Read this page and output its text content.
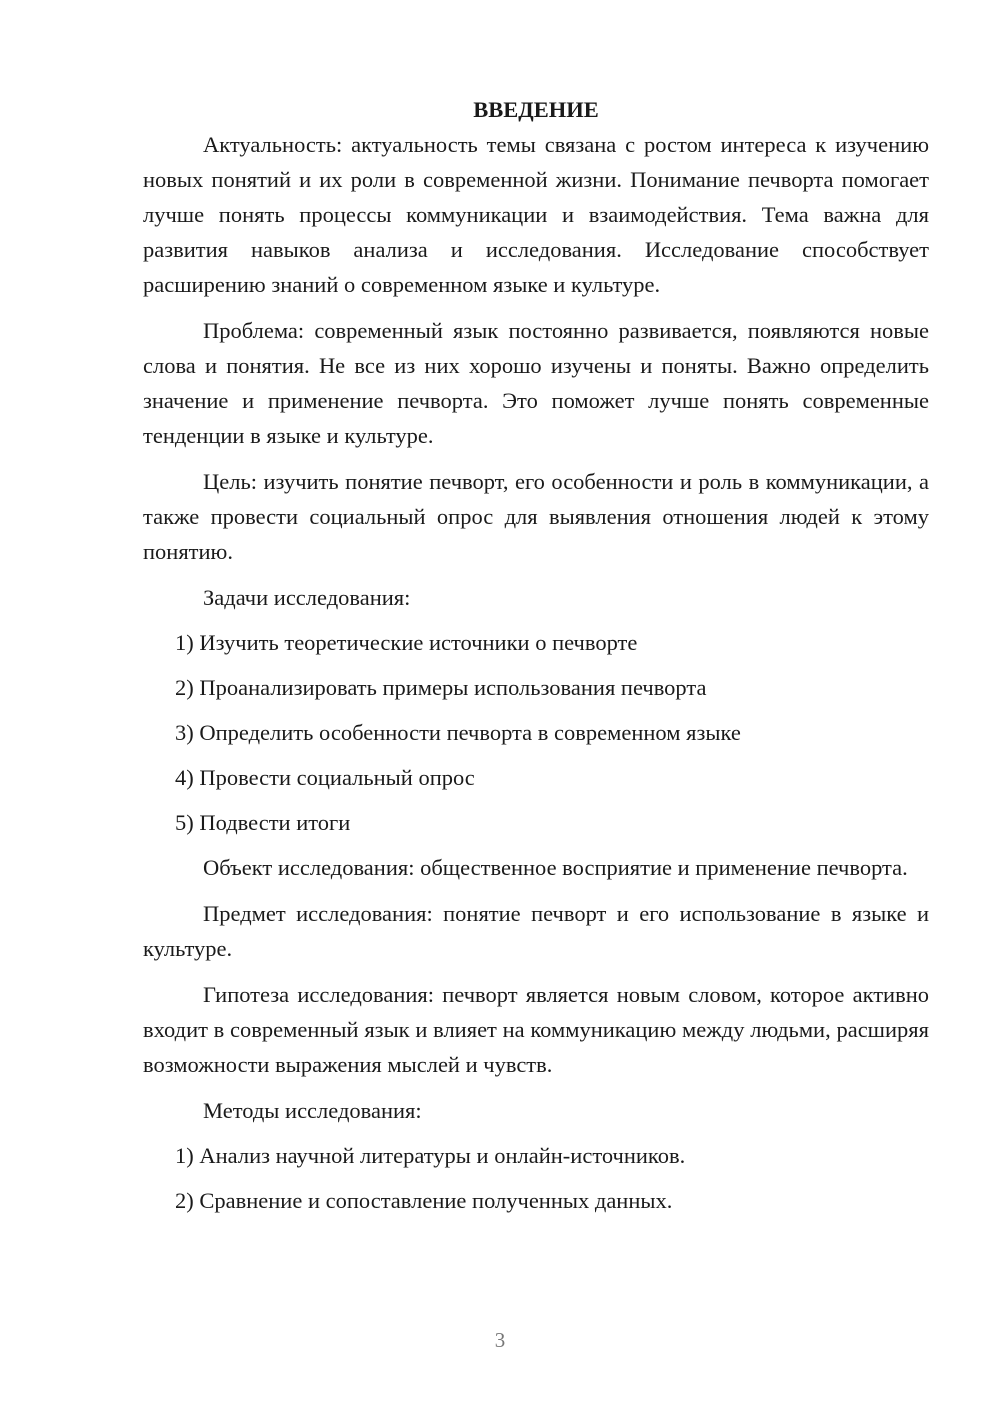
ВВЕДЕНИЕ

Актуальность: актуальность темы связана с ростом интереса к изучению новых понятий и их роли в современной жизни. Понимание печворта помогает лучше понять процессы коммуникации и взаимодействия. Тема важна для развития навыков анализа и исследования. Исследование способствует расширению знаний о современном языке и культуре.

Проблема: современный язык постоянно развивается, появляются новые слова и понятия. Не все из них хорошо изучены и поняты. Важно определить значение и применение печворта. Это поможет лучше понять современные тенденции в языке и культуре.

Цель: изучить понятие печворт, его особенности и роль в коммуникации, а также провести социальный опрос для выявления отношения людей к этому понятию.

Задачи исследования:
1) Изучить теоретические источники о печворте
2) Проанализировать примеры использования печворта
3) Определить особенности печворта в современном языке
4) Провести социальный опрос
5) Подвести итоги

Объект исследования: общественное восприятие и применение печворта.

Предмет исследования: понятие печворт и его использование в языке и культуре.

Гипотеза исследования: печворт является новым словом, которое активно входит в современный язык и влияет на коммуникацию между людьми, расширяя возможности выражения мыслей и чувств.

Методы исследования:
1) Анализ научной литературы и онлайн-источников.
2) Сравнение и сопоставление полученных данных.
3
